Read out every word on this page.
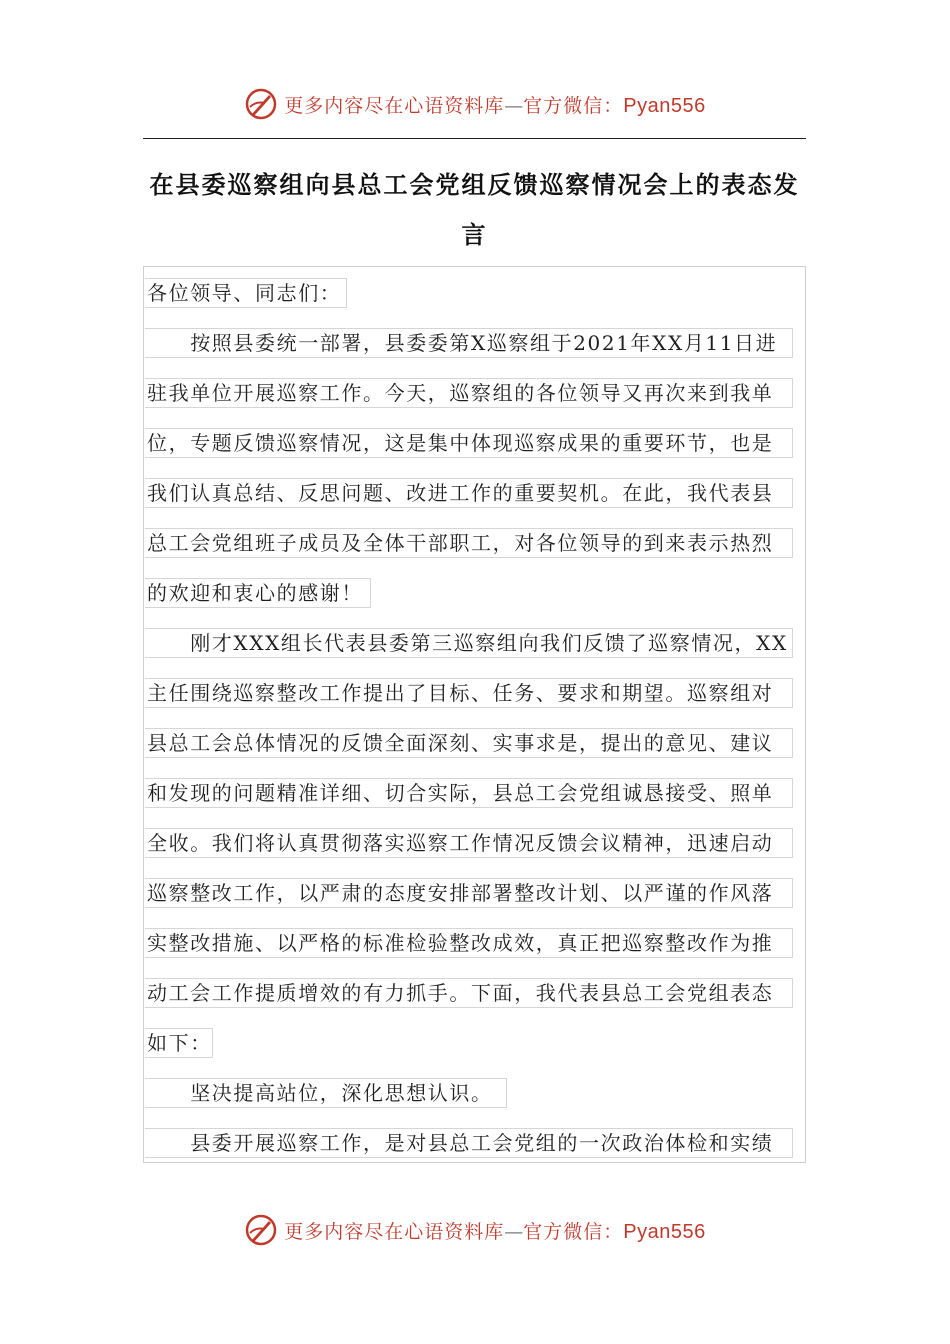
更多内容尽在心语资料库—官方微信：Pyan556
在县委巡察组向县总工会党组反馈巡察情况会上的表态发言
各位领导、同志们：
　　按照县委统一部署，县委委第X巡察组于2021年XX月11日进
驻我单位开展巡察工作。今天，巡察组的各位领导又再次来到我单
位，专题反馈巡察情况，这是集中体现巡察成果的重要环节，也是
我们认真总结、反思问题、改进工作的重要契机。在此，我代表县
总工会党组班子成员及全体干部职工，对各位领导的到来表示热烈
的欢迎和衷心的感谢！
　　刚才XXX组长代表县委第三巡察组向我们反馈了巡察情况，XX
主任围绕巡察整改工作提出了目标、任务、要求和期望。巡察组对
县总工会总体情况的反馈全面深刻、实事求是，提出的意见、建议
和发现的问题精准详细、切合实际，县总工会党组诚恳接受、照单
全收。我们将认真贯彻落实巡察工作情况反馈会议精神，迅速启动
巡察整改工作，以严肃的态度安排部署整改计划、以严谨的作风落
实整改措施、以严格的标准检验整改成效，真正把巡察整改作为推
动工会工作提质增效的有力抓手。下面，我代表县总工会党组表态
如下：
　　坚决提高站位，深化思想认识。
　　县委开展巡察工作，是对县总工会党组的一次政治体检和实绩
更多内容尽在心语资料库—官方微信：Pyan556
